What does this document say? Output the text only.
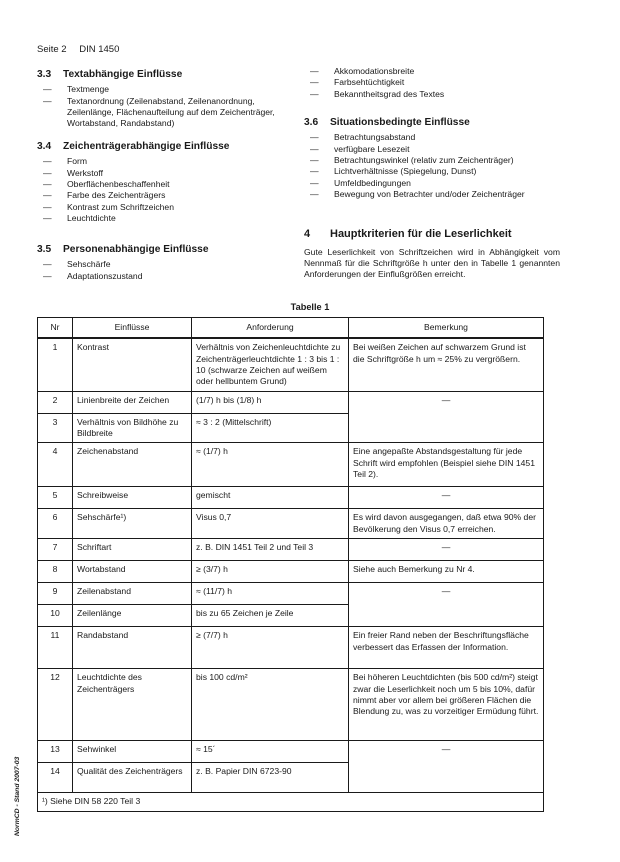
Seite 2 DIN 1450
3.3	Textabhängige Einflüsse
— Textmenge
— Textanordnung (Zeilenabstand, Zeilenanordnung, Zeilenlänge, Flächenaufteilung auf dem Zeichenträger, Wortabstand, Randabstand)
3.4	Zeichenträgerabhängige Einflüsse
— Form
— Werkstoff
— Oberflächenbeschaffenheit
— Farbe des Zeichenträgers
— Kontrast zum Schriftzeichen
— Leuchtdichte
3.5	Personenabhängige Einflüsse
— Sehschärfe
— Adaptationszustand
— Akkomodationsbreite
— Farbsehtüchtigkeit
— Bekanntheitsgrad des Textes
3.6	Situationsbedingte Einflüsse
— Betrachtungsabstand
— verfügbare Lesezeit
— Betrachtungswinkel (relativ zum Zeichenträger)
— Lichtverhältnisse (Spiegelung, Dunst)
— Umfeldbedingungen
— Bewegung von Betrachter und/oder Zeichenträger
4	Hauptkriterien für die Leserlichkeit
Gute Leserlichkeit von Schriftzeichen wird in Abhängigkeit vom Nennmaß für die Schriftgröße h unter den in Tabelle 1 genannten Anforderungen der Einflußgrößen erreicht.
Tabelle 1
Nr	Einflüsse	Anforderung	Bemerkung
1	Kontrast	Verhältnis von Zeichenleuchtdichte zu Zeichenträgerleuchtdichte 1 : 3 bis 1 : 10 (schwarze Zeichen auf weißem oder hellbuntem Grund)	Bei weißen Zeichen auf schwarzem Grund ist die Schriftgröße h um ≈ 25% zu vergrößern.
2	Linienbreite der Zeichen	(1/7) h bis (1/8) h	—
3	Verhältnis von Bildhöhe zu Bildbreite	≈ 3 : 2 (Mittelschrift)	
4	Zeichenabstand	≈ (1/7) h	Eine angepaßte Abstandsgestaltung für jede Schrift wird empfohlen (Beispiel siehe DIN 1451 Teil 2).
5	Schreibweise	gemischt	—
6	Sehschärfe¹)	Visus 0,7	Es wird davon ausgegangen, daß etwa 90% der Bevölkerung den Visus 0,7 erreichen.
7	Schriftart	z. B. DIN 1451 Teil 2 und Teil 3	—
8	Wortabstand	≥ (3/7) h	Siehe auch Bemerkung zu Nr 4.
9	Zeilenabstand	≈ (11/7) h	—
10	Zeilenlänge	bis zu 65 Zeichen je Zeile	
11	Randabstand	≥ (7/7) h	Ein freier Rand neben der Beschriftungsfläche verbessert das Erfassen der Information.
12	Leuchtdichte des Zeichenträgers	bis 100 cd/m²	Bei höheren Leuchtdichten (bis 500 cd/m²) steigt zwar die Leserlichkeit noch um 5 bis 10%, dafür nimmt aber vor allem bei größeren Flächen die Blendung zu, was zu vorzeitiger Ermüdung führt.
13	Sehwinkel	≈ 15´	—
14	Qualität des Zeichenträgers	z. B. Papier DIN 6723-90	
¹) Siehe DIN 58 220 Teil 3			
NormCD - Stand 2007-03
